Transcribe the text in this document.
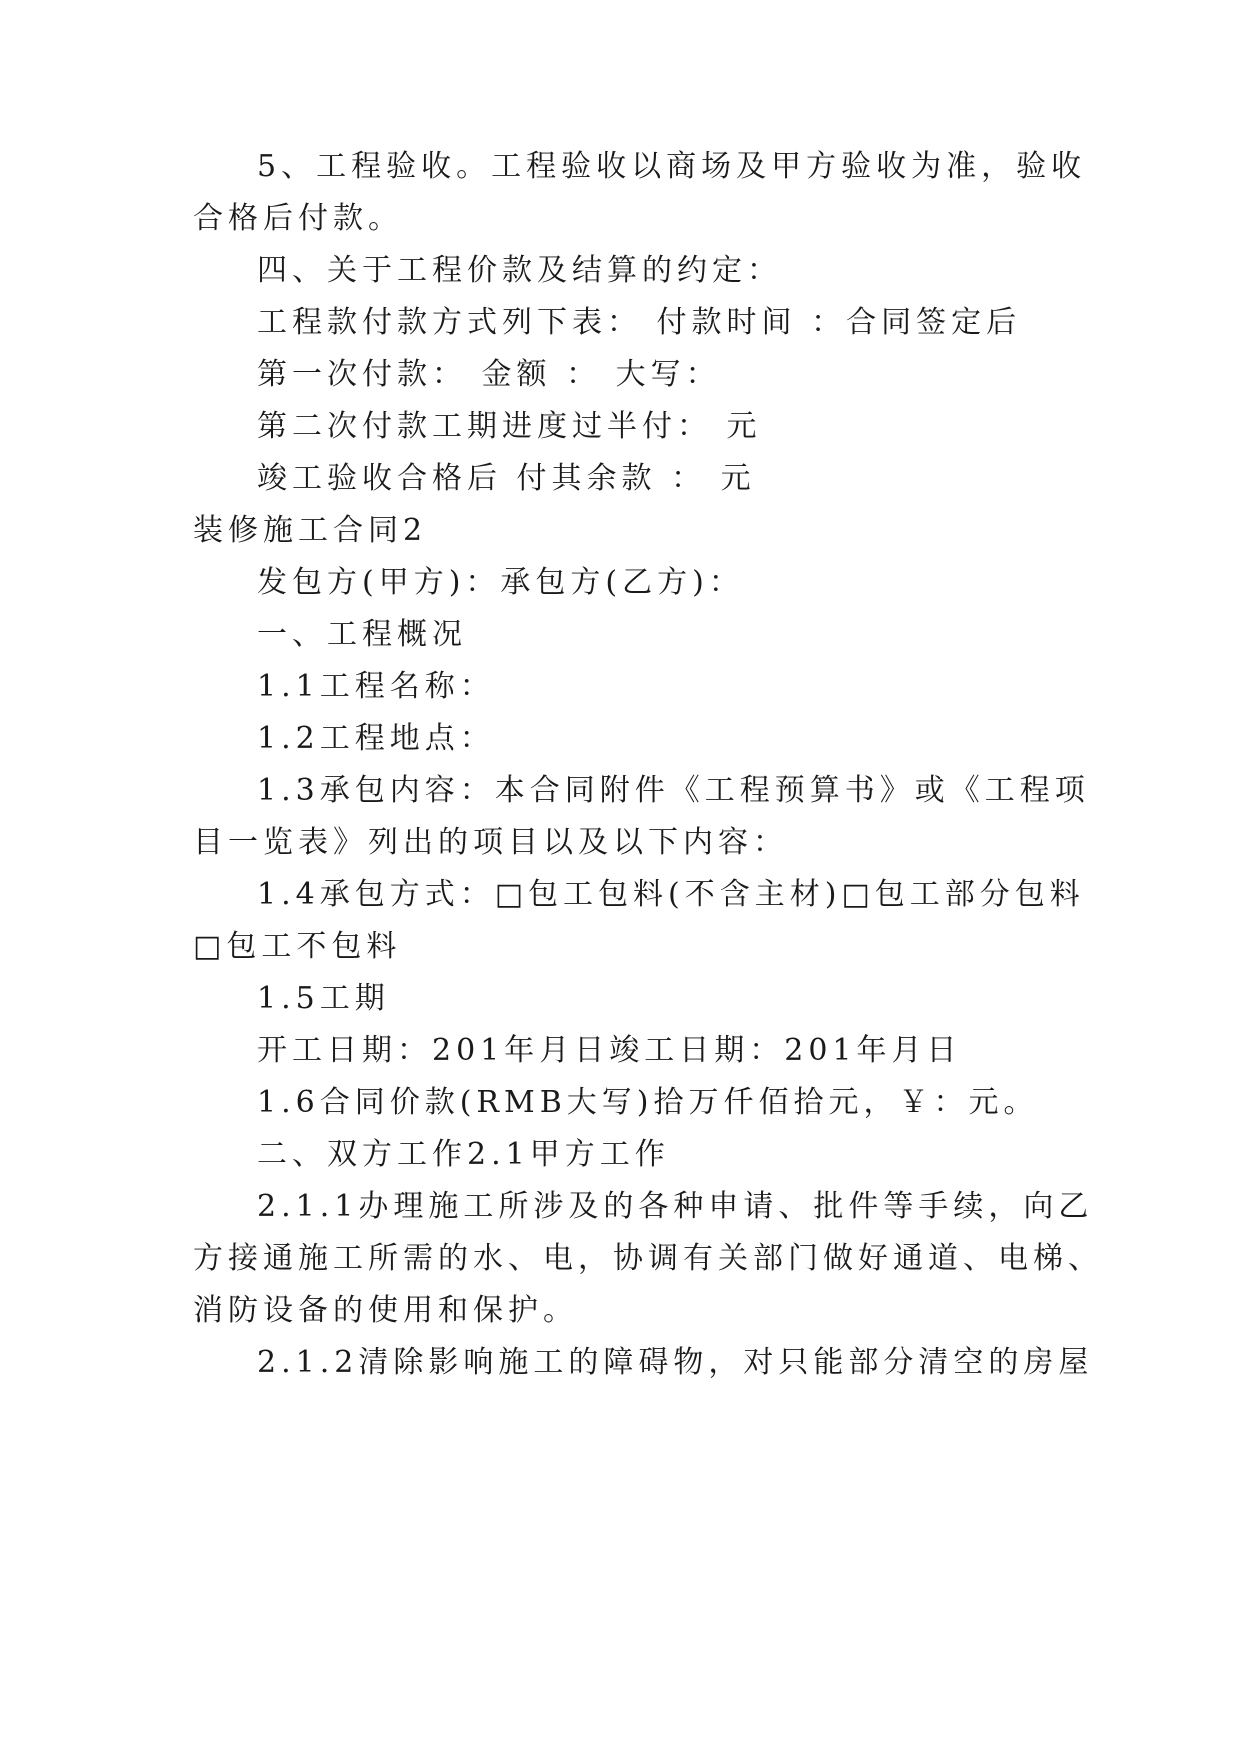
5、工程验收。工程验收以商场及甲方验收为准，验收

合格后付款。

四、关于工程价款及结算的约定：

工程款付款方式列下表： 付款时间 ：合同签定后

第一次付款： 金额 ： 大写：

第二次付款工期进度过半付： 元

竣工验收合格后 付其余款 ： 元

装修施工合同2

发包方(甲方)：承包方(乙方)：

一、工程概况

1.1工程名称：

1.2工程地点：

1.3承包内容：本合同附件《工程预算书》或《工程项

目一览表》列出的项目以及以下内容：

1.4承包方式：□包工包料(不含主材)□包工部分包料

□包工不包料

1.5工期

开工日期：201年月日竣工日期：201年月日

1.6合同价款(RMB大写)拾万仟佰拾元，￥：元。

二、双方工作2.1甲方工作

2.1.1办理施工所涉及的各种申请、批件等手续，向乙

方接通施工所需的水、电，协调有关部门做好通道、电梯、

消防设备的使用和保护。

2.1.2清除影响施工的障碍物，对只能部分清空的房屋
